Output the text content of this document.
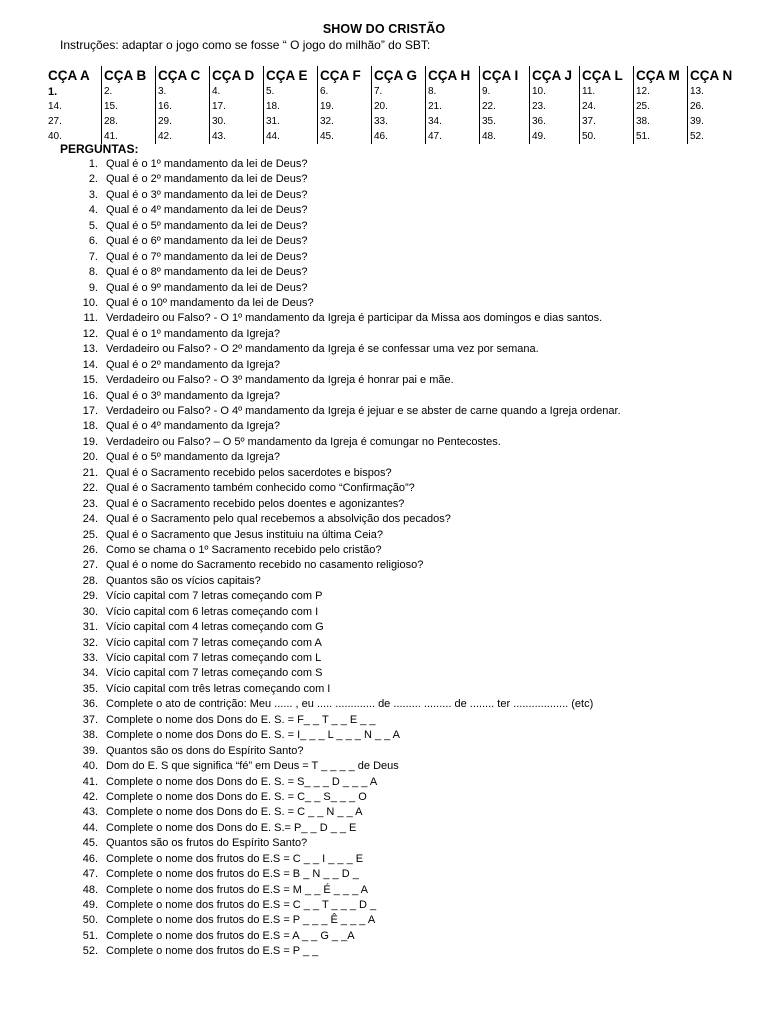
SHOW DO CRISTÃO
Instruções: adaptar o jogo como se fosse “ O jogo do milhão” do SBT:
CÇA A	CÇA B	CÇA C	CÇA D	CÇA E	CÇA F	CÇA G	CÇA H	CÇA I	CÇA J	CÇA L	CÇA M	CÇA N
1.	2.	3.	4.	5.	6.	7.	8.	9.	10.	11.	12.	13.
14.	15.	16.	17.	18.	19.	20.	21.	22.	23.	24.	25.	26.
27.	28.	29.	30.	31.	32.	33.	34.	35.	36.	37.	38.	39.
40.	41.	42.	43.	44.	45.	46.	47.	48.	49.	50.	51.	52.
PERGUNTAS:
1. Qual é o 1º mandamento da lei de Deus?
2. Qual é o 2º mandamento da lei de Deus?
3. Qual é o 3º mandamento da lei de Deus?
4. Qual é o 4º mandamento da lei de Deus?
5. Qual é o 5º mandamento da lei de Deus?
6. Qual é o 6º mandamento da lei de Deus?
7. Qual é o 7º mandamento da lei de Deus?
8. Qual é o 8º mandamento da lei de Deus?
9. Qual é o 9º mandamento da lei de Deus?
10. Qual é o 10º mandamento da lei de Deus?
11. Verdadeiro ou Falso? - O 1º mandamento da Igreja é participar da Missa aos domingos e dias santos.
12. Qual é o 1º mandamento da Igreja?
13. Verdadeiro ou Falso? - O 2º mandamento da Igreja é se confessar uma vez por semana.
14. Qual é o 2º mandamento da Igreja?
15. Verdadeiro ou Falso? - O 3º mandamento da Igreja é honrar pai e mãe.
16. Qual é o 3º mandamento da Igreja?
17. Verdadeiro ou Falso? - O 4º mandamento da Igreja é jejuar e se abster de carne quando a Igreja ordenar.
18. Qual é o 4º mandamento da Igreja?
19. Verdadeiro ou Falso? – O 5º mandamento da Igreja é comungar no Pentecostes.
20. Qual é o 5º mandamento da Igreja?
21. Qual é o Sacramento recebido pelos sacerdotes e bispos?
22. Qual é o Sacramento também conhecido como “Confirmação”?
23. Qual é o Sacramento recebido pelos doentes e agonizantes?
24. Qual é o Sacramento pelo qual recebemos a absolvição dos pecados?
25. Qual é o Sacramento que Jesus instituiu na última Ceia?
26. Como se chama o 1º Sacramento recebido pelo cristão?
27. Qual é o nome do Sacramento recebido no casamento religioso?
28. Quantos são os vícios capitais?
29. Vício capital com 7 letras começando com P
30. Vício capital com 6 letras começando com I
31. Vício capital com 4 letras começando com G
32. Vício capital com 7 letras começando com A
33. Vício capital com 7 letras começando com L
34. Vício capital com 7 letras começando com S
35. Vício capital com três letras começando com I
36. Complete o ato de contrição: Meu ...... , eu ..... ............. de ......... ......... de ........ ter .................. (etc)
37. Complete o nome dos Dons do E. S. = F_ _ T _ _ E _ _
38. Complete o nome dos Dons do E. S. = I_ _ _ L _ _ _ N _ _ A
39. Quantos são os dons do Espírito Santo?
40. Dom do E. S que significa “fé” em Deus = T _ _ _ _ de Deus
41. Complete o nome dos Dons do E. S. = S_ _ _ D _ _ _ A
42. Complete o nome dos Dons do E. S. = C_ _ S_ _ _ O
43. Complete o nome dos Dons do E. S. = C _ _ N _ _ A
44. Complete o nome dos Dons do E. S.= P_ _ D _ _ E
45. Quantos são os frutos do Espírito Santo?
46. Complete o nome dos frutos do E.S = C _ _ I _ _ _ E
47. Complete o nome dos frutos do E.S = B _ N _ _ D _
48. Complete o nome dos frutos do E.S = M _ _ É _ _ _ A
49. Complete o nome dos frutos do E.S = C _ _ T _ _ _ D _
50. Complete o nome dos frutos do E.S = P _ _ _ Ê _ _ _ A
51. Complete o nome dos frutos do E.S = A _ _ G _ _A
52. Complete o nome dos frutos do E.S = P _ _
